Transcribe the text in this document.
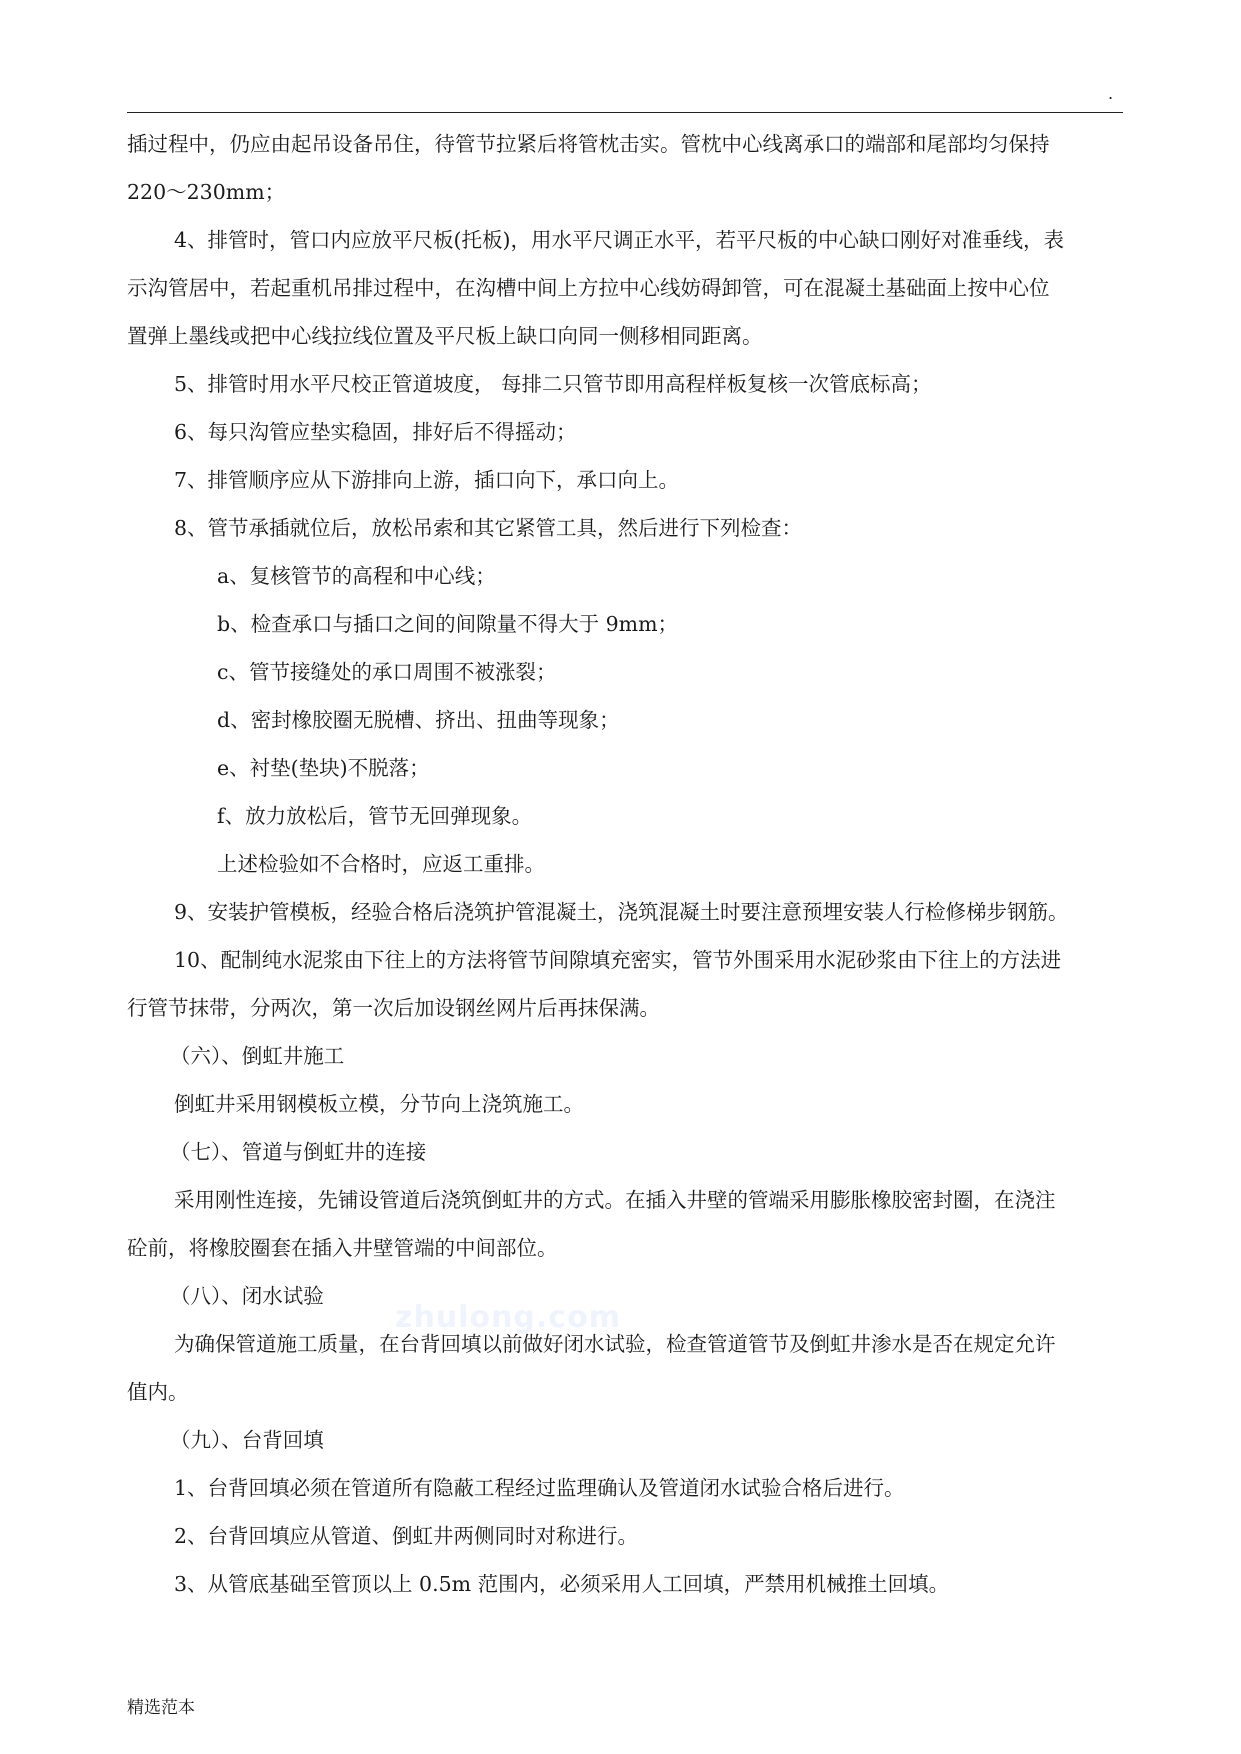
.
zhulong.com
插过程中，仍应由起吊设备吊住，待管节拉紧后将管枕击实。管枕中心线离承口的端部和尾部均匀保持
220～230mm；
4、排管时，管口内应放平尺板(托板)，用水平尺调正水平，若平尺板的中心缺口刚好对准垂线，表
示沟管居中，若起重机吊排过程中，在沟槽中间上方拉中心线妨碍卸管，可在混凝土基础面上按中心位
置弹上墨线或把中心线拉线位置及平尺板上缺口向同一侧移相同距离。
5、排管时用水平尺校正管道坡度， 每排二只管节即用高程样板复核一次管底标高；
6、每只沟管应垫实稳固，排好后不得摇动；
7、排管顺序应从下游排向上游，插口向下，承口向上。
8、管节承插就位后，放松吊索和其它紧管工具，然后进行下列检查：
a、复核管节的高程和中心线；
b、检查承口与插口之间的间隙量不得大于 9mm；
c、管节接缝处的承口周围不被涨裂；
d、密封橡胶圈无脱槽、挤出、扭曲等现象；
e、衬垫(垫块)不脱落；
f、放力放松后，管节无回弹现象。
上述检验如不合格时，应返工重排。
9、安装护管模板，经验合格后浇筑护管混凝土，浇筑混凝土时要注意预埋安装人行检修梯步钢筋。
10、配制纯水泥浆由下往上的方法将管节间隙填充密实，管节外围采用水泥砂浆由下往上的方法进
行管节抹带，分两次，第一次后加设钢丝网片后再抹保满。
（六）、倒虹井施工
倒虹井采用钢模板立模，分节向上浇筑施工。
（七）、管道与倒虹井的连接
采用刚性连接，先铺设管道后浇筑倒虹井的方式。在插入井壁的管端采用膨胀橡胶密封圈，在浇注
砼前，将橡胶圈套在插入井壁管端的中间部位。
（八）、闭水试验
为确保管道施工质量，在台背回填以前做好闭水试验，检查管道管节及倒虹井渗水是否在规定允许
值内。
（九）、台背回填
1、台背回填必须在管道所有隐蔽工程经过监理确认及管道闭水试验合格后进行。
2、台背回填应从管道、倒虹井两侧同时对称进行。
3、从管底基础至管顶以上 0.5m 范围内，必须采用人工回填，严禁用机械推土回填。
精选范本
